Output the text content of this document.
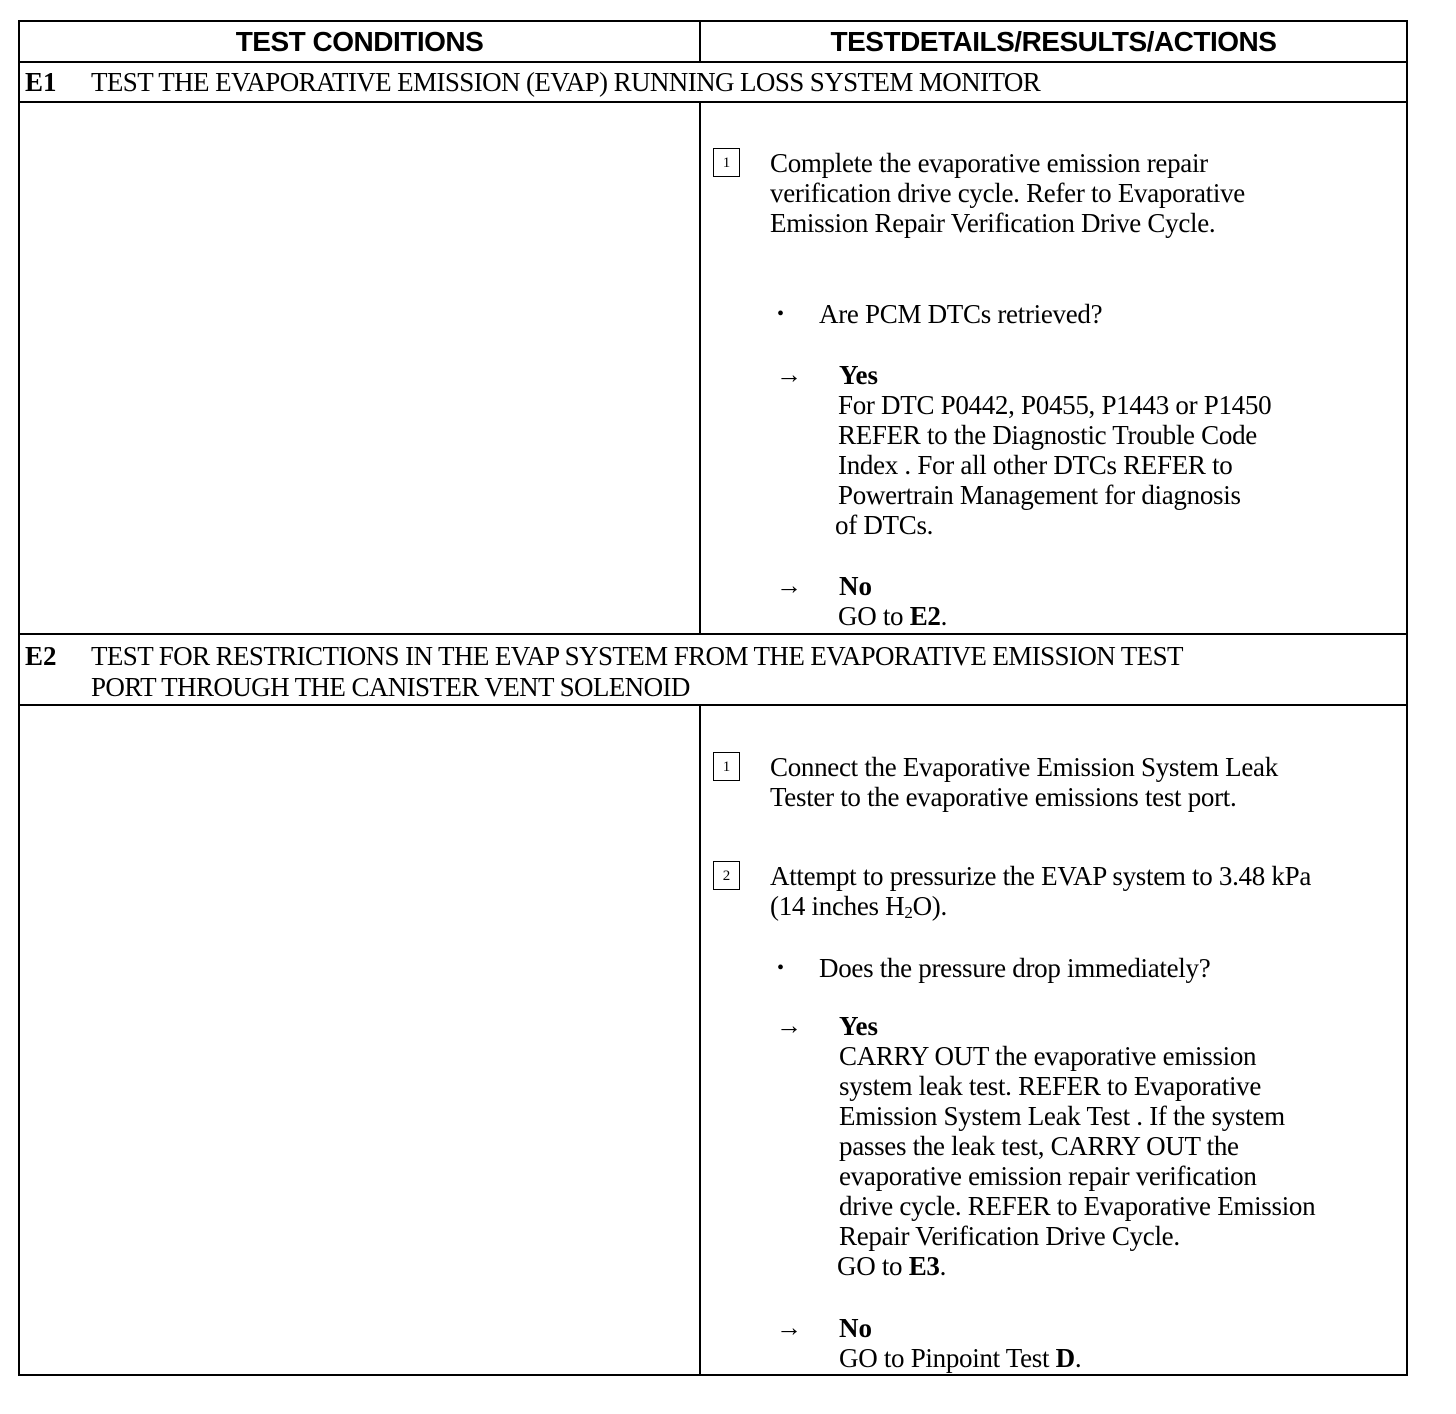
TEST CONDITIONS	TESTDETAILS/RESULTS/ACTIONS
E1 TEST THE EVAPORATIVE EMISSION (EVAP) RUNNING LOSS SYSTEM MONITOR
1	Complete the evaporative emission repair
verification drive cycle. Refer to Evaporative
Emission Repair Verification Drive Cycle.
• Are PCM DTCs retrieved?
→ Yes
For DTC P0442, P0455, P1443 or P1450
REFER to the Diagnostic Trouble Code
Index . For all other DTCs REFER to
Powertrain Management for diagnosis
of DTCs.
→ No
GO to E2.
E2 TEST FOR RESTRICTIONS IN THE EVAP SYSTEM FROM THE EVAPORATIVE EMISSION TEST
PORT THROUGH THE CANISTER VENT SOLENOID
1	Connect the Evaporative Emission System Leak
Tester to the evaporative emissions test port.
2	Attempt to pressurize the EVAP system to 3.48 kPa
(14 inches $H_2O$).
• Does the pressure drop immediately?
→ Yes
CARRY OUT the evaporative emission
system leak test. REFER to Evaporative
Emission System Leak Test . If the system
passes the leak test, CARRY OUT the
evaporative emission repair verification
drive cycle. REFER to Evaporative Emission
Repair Verification Drive Cycle.
GO to E3.
→ No
GO to Pinpoint Test D.
